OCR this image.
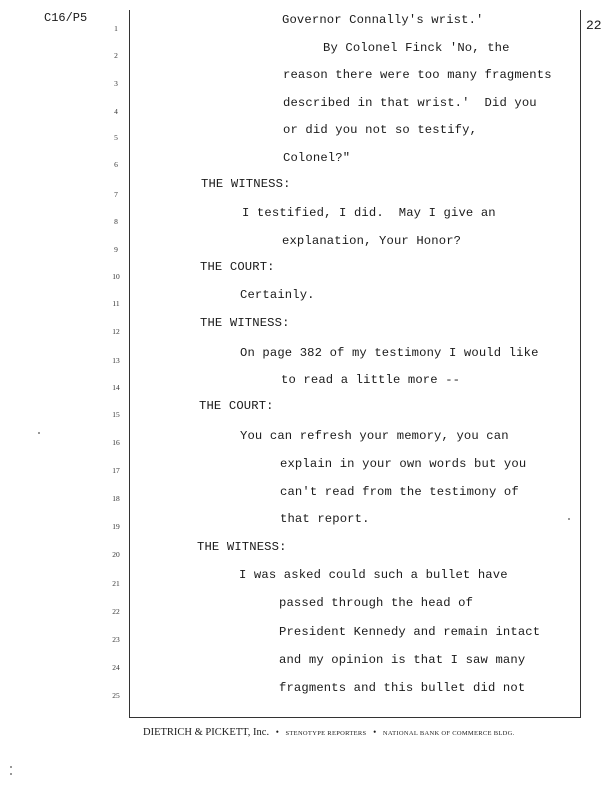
C16/P5	22
1
2
3
4
5
6
7
8
9
10
11
12
13
14
15
16
17
18
19
20
21
22
23
24
25
Governor Connally's wrist.'
By Colonel Finck 'No, the
reason there were too many fragments
described in that wrist.'  Did you
or did you not so testify,
Colonel?"
THE WITNESS:
I testified, I did.  May I give an
explanation, Your Honor?
THE COURT:
Certainly.
THE WITNESS:
On page 382 of my testimony I would like
to read a little more --
THE COURT:
You can refresh your memory, you can
explain in your own words but you
can't read from the testimony of
that report.
THE WITNESS:
I was asked could such a bullet have
passed through the head of
President Kennedy and remain intact
and my opinion is that I saw many
fragments and this bullet did not
DIETRICH & PICKETT, Inc. • STENOTYPE REPORTERS • NATIONAL BANK OF COMMERCE BLDG.
